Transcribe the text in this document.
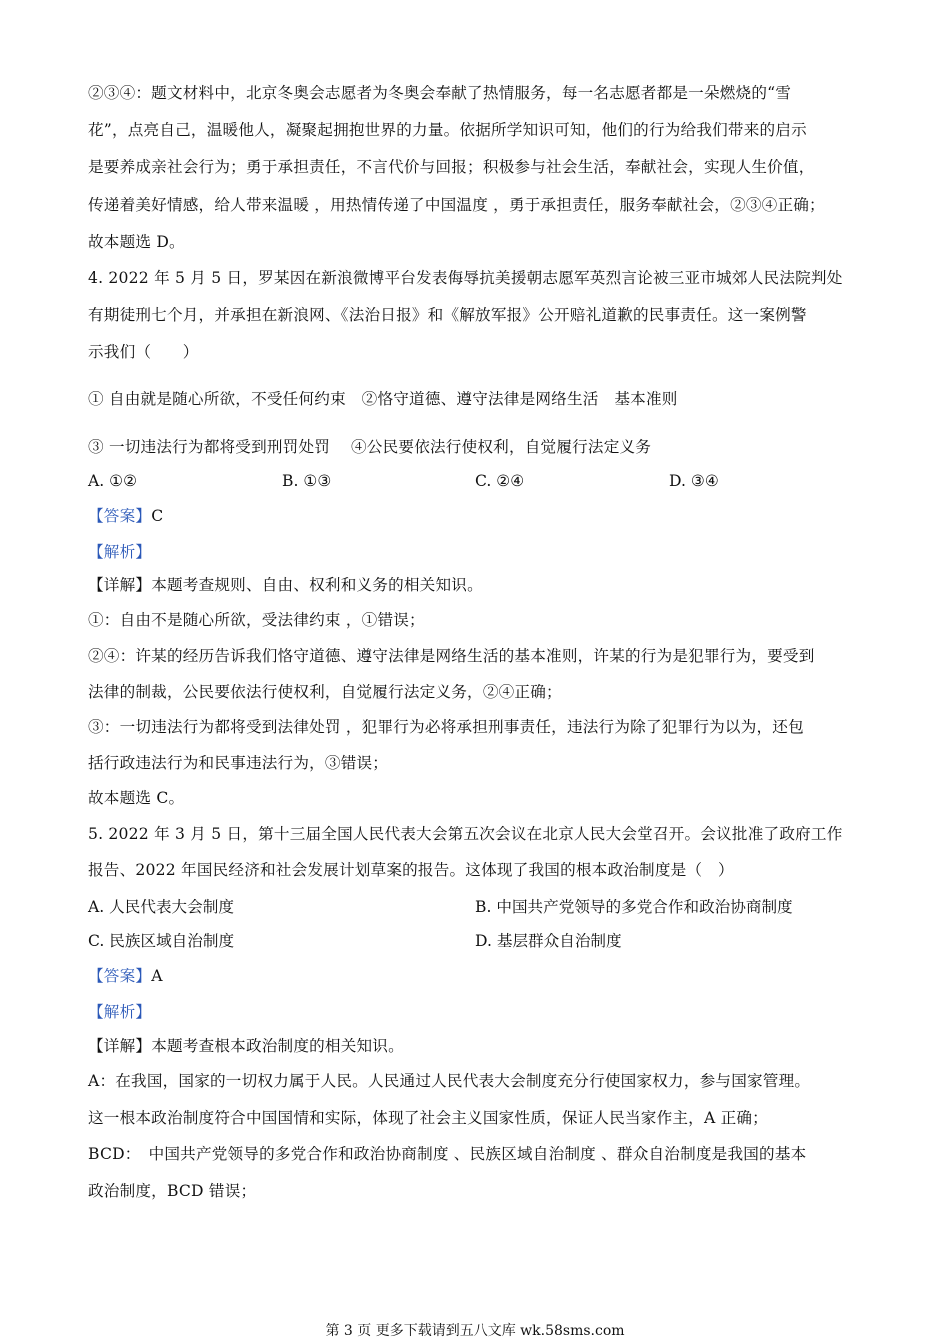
②③④：题文材料中，北京冬奥会志愿者为冬奥会奉献了热情服务，每一名志愿者都是一朵燃烧的“雪
花”，点亮自己，温暖他人，凝聚起拥抱世界的力量。依据所学知识可知，他们的行为给我们带来的启示
是要养成亲社会行为；勇于承担责任，不言代价与回报；积极参与社会生活，奉献社会，实现人生价值，
传递着美好情感，给人带来温暖 ，用热情传递了中国温度 ，勇于承担责任，服务奉献社会，②③④正确；
故本题选 D。
4. 2022 年 5 月 5 日，罗某因在新浪微博平台发表侮辱抗美援朝志愿军英烈言论被三亚市城郊人民法院判处
有期徒刑七个月，并承担在新浪网、《法治日报》和《解放军报》公开赔礼道歉的民事责任。这一案例警
示我们（　　）
① 自由就是随心所欲，不受任何约束　②恪守道德、遵守法律是网络生活　基本准则
③ 一切违法行为都将受到刑罚处罚　 ④公民要依法行使权利，自觉履行法定义务
A. ①②	B. ①③	C. ②④	D. ③④
【答案】C
【解析】
【详解】本题考查规则、自由、权利和义务的相关知识。
①：自由不是随心所欲，受法律约束 ，①错误；
②④：许某的经历告诉我们恪守道德、遵守法律是网络生活的基本准则，许某的行为是犯罪行为，要受到
法律的制裁，公民要依法行使权利，自觉履行法定义务，②④正确；
③：一切违法行为都将受到法律处罚 ，犯罪行为必将承担刑事责任，违法行为除了犯罪行为以为，还包
括行政违法行为和民事违法行为，③错误；
故本题选 C。
5. 2022 年 3 月 5 日，第十三届全国人民代表大会第五次会议在北京人民大会堂召开。会议批准了政府工作
报告、2022 年国民经济和社会发展计划草案的报告。这体现了我国的根本政治制度是（　）
A. 人民代表大会制度	B. 中国共产党领导的多党合作和政治协商制度
C. 民族区域自治制度	D. 基层群众自治制度
【答案】A
【解析】
【详解】本题考查根本政治制度的相关知识。
A：在我国，国家的一切权力属于人民。人民通过人民代表大会制度充分行使国家权力，参与国家管理。
这一根本政治制度符合中国国情和实际，体现了社会主义国家性质，保证人民当家作主，A 正确；
BCD：　中国共产党领导的多党合作和政治协商制度 、民族区域自治制度 、群众自治制度是我国的基本
政治制度，BCD 错误；
第 3 页 更多下载请到五八文库 wk.58sms.com
